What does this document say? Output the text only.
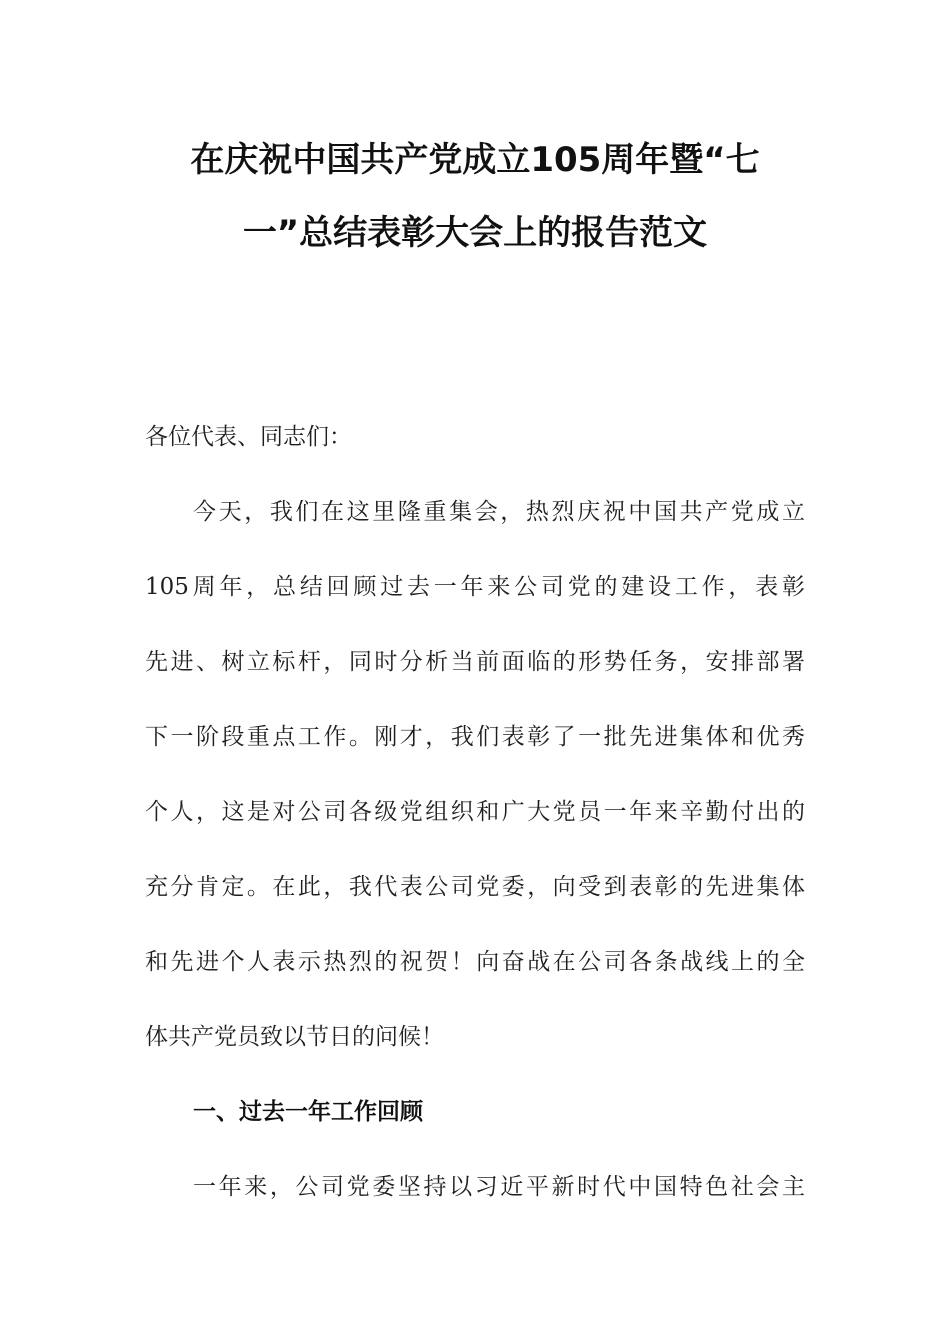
在庆祝中国共产党成立105周年暨“七
一”总结表彰大会上的报告范文
各位代表、同志们：
今天，我们在这里隆重集会，热烈庆祝中国共产党成立
105周年，总结回顾过去一年来公司党的建设工作，表彰
先进、树立标杆，同时分析当前面临的形势任务，安排部署
下一阶段重点工作。刚才，我们表彰了一批先进集体和优秀
个人，这是对公司各级党组织和广大党员一年来辛勤付出的
充分肯定。在此，我代表公司党委，向受到表彰的先进集体
和先进个人表示热烈的祝贺！向奋战在公司各条战线上的全
体共产党员致以节日的问候！
一、过去一年工作回顾
一年来，公司党委坚持以习近平新时代中国特色社会主
